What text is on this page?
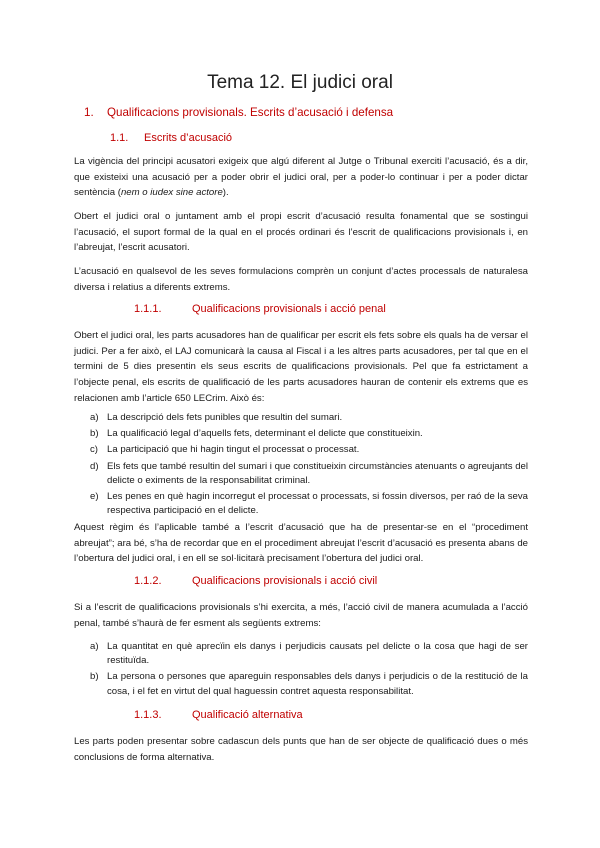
Tema 12. El judici oral
1. Qualificacions provisionals. Escrits d’acusació i defensa
1.1. Escrits d’acusació

La vigència del principi acusatori exigeix que algú diferent al Jutge o Tribunal exerciti l’acusació, és a dir, que existeixi una acusació per a poder obrir el judici oral, per a poder-lo continuar i per a poder dictar sentència (nem o iudex sine actore).

Obert el judici oral o juntament amb el propi escrit d’acusació resulta fonamental que se sostingui l’acusació, el suport formal de la qual en el procés ordinari és l’escrit de qualificacions provisionals i, en l’abreujat, l’escrit acusatori.

L’acusació en qualsevol de les seves formulacions comprèn un conjunt d’actes processals de naturalesa diversa i relatius a diferents extrems.

1.1.1.	Qualificacions provisionals i acció penal

Obert el judici oral, les parts acusadores han de qualificar per escrit els fets sobre els quals ha de versar el judici. Per a fer això, el LAJ comunicarà la causa al Fiscal i a les altres parts acusadores, per tal que en el termini de 5 dies presentin els seus escrits de qualificacions provisionals. Pel que fa estrictament a l’objecte penal, els escrits de qualificació de les parts acusadores hauran de contenir els extrems que es relacionen amb l’article 650 LECrim. Això és:

a) La descripció dels fets punibles que resultin del sumari.
b) La qualificació legal d’aquells fets, determinant el delicte que constitueixin.
c) La participació que hi hagin tingut el processat o processat.
d) Els fets que també resultin del sumari i que constitueixin circumstàncies atenuants o agreujants del delicte o eximents de la responsabilitat criminal.
e) Les penes en què hagin incorregut el processat o processats, si fossin diversos, per raó de la seva respectiva participació en el delicte.

Aquest règim és l’aplicable també a l’escrit d’acusació que ha de presentar-se en el “procediment abreujat”; ara bé, s’ha de recordar que en el procediment abreujat l’escrit d’acusació es presenta abans de l’obertura del judici oral, i en ell se sol·licitarà precisament l’obertura del judici oral.

1.1.2.	Qualificacions provisionals i acció civil

Si a l’escrit de qualificacions provisionals s’hi exercita, a més, l’acció civil de manera acumulada a l’acció penal, també s’haurà de fer esment als següents extrems:

a) La quantitat en què aprecïin els danys i perjudicis causats pel delicte o la cosa que hagi de ser restituïda.
b) La persona o persones que apareguin responsables dels danys i perjudicis o de la restitució de la cosa, i el fet en virtut del qual haguessin contret aquesta responsabilitat.
1.1.3.	Qualificació alternativa

Les parts poden presentar sobre cadascun dels punts que han de ser objecte de qualificació dues o més conclusions de forma alternativa.
